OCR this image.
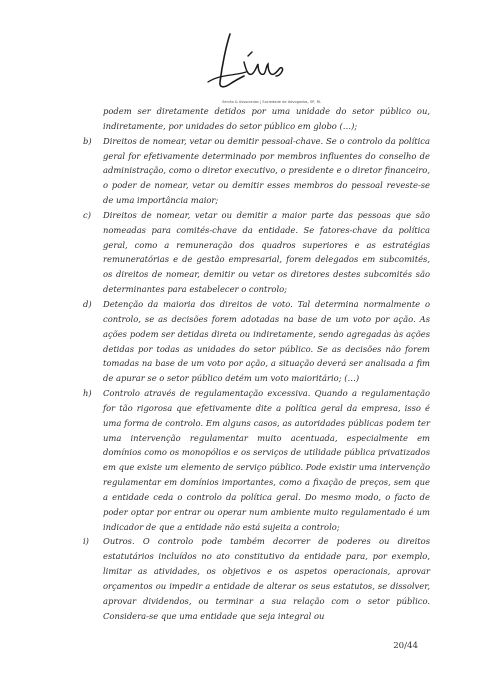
Serrão & Associados | Sociedade de Advogados, SP, RL

podem ser diretamente detidos por uma unidade do setor público ou, indiretamente, por unidades do setor público em globo (…);

b) Direitos de nomear, vetar ou demitir pessoal-chave. Se o controlo da política geral for efetivamente determinado por membros influentes do conselho de administração, como o diretor executivo, o presidente e o diretor financeiro, o poder de nomear, vetar ou demitir esses membros do pessoal reveste-se de uma importância maior;

c) Direitos de nomear, vetar ou demitir a maior parte das pessoas que são nomeadas para comités-chave da entidade. Se fatores-chave da política geral, como a remuneração dos quadros superiores e as estratégias remuneratórias e de gestão empresarial, forem delegados em subcomités, os direitos de nomear, demitir ou vetar os diretores destes subcomités são determinantes para estabelecer o controlo;

d) Detenção da maioria dos direitos de voto. Tal determina normalmente o controlo, se as decisões forem adotadas na base de um voto por ação. As ações podem ser detidas direta ou indiretamente, sendo agregadas às ações detidas por todas as unidades do setor público. Se as decisões não forem tomadas na base de um voto por ação, a situação deverá ser analisada a fim de apurar se o setor público detém um voto maioritário; (…)

h) Controlo através de regulamentação excessiva. Quando a regulamentação for tão rigorosa que efetivamente dite a política geral da empresa, isso é uma forma de controlo. Em alguns casos, as autoridades públicas podem ter uma intervenção regulamentar muito acentuada, especialmente em domínios como os monopólios e os serviços de utilidade pública privatizados em que existe um elemento de serviço público. Pode existir uma intervenção regulamentar em domínios importantes, como a fixação de preços, sem que a entidade ceda o controlo da política geral. Do mesmo modo, o facto de poder optar por entrar ou operar num ambiente muito regulamentado é um indicador de que a entidade não está sujeita a controlo;

i) Outros. O controlo pode também decorrer de poderes ou direitos estatutários incluídos no ato constitutivo da entidade para, por exemplo, limitar as atividades, os objetivos e os aspetos operacionais, aprovar orçamentos ou impedir a entidade de alterar os seus estatutos, se dissolver, aprovar dividendos, ou terminar a sua relação com o setor público. Considera-se que uma entidade que seja integral ou

20/44
